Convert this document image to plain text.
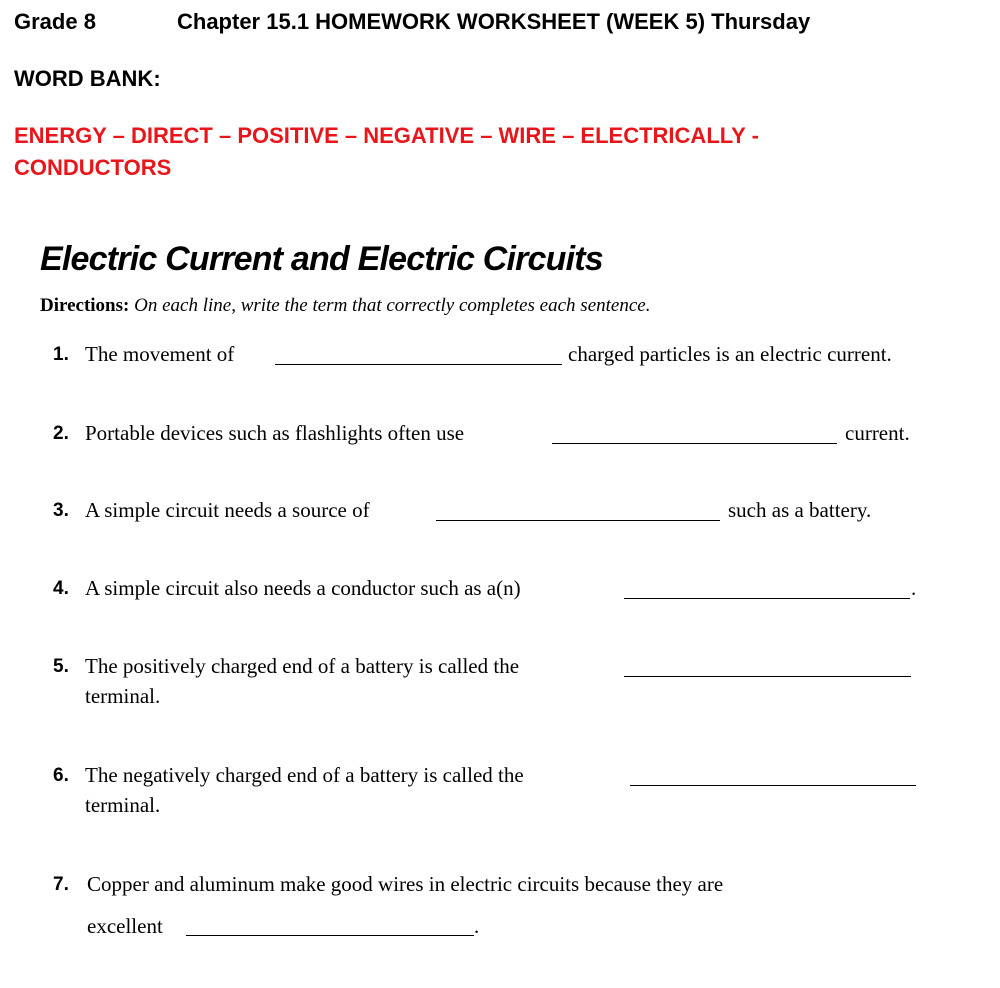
Grade 8	Chapter 15.1 HOMEWORK WORKSHEET (WEEK 5) Thursday
WORD BANK:
ENERGY – DIRECT – POSITIVE – NEGATIVE – WIRE – ELECTRICALLY -
CONDUCTORS
Electric Current and Electric Circuits
Directions: On each line, write the term that correctly completes each sentence.
1. The movement of	charged particles is an electric current.
2. Portable devices such as flashlights often use	current.
3. A simple circuit needs a source of	such as a battery.
4. A simple circuit also needs a conductor such as a(n)	.
5. The positively charged end of a battery is called the
terminal.
6. The negatively charged end of a battery is called the
terminal.
7. Copper and aluminum make good wires in electric circuits because they are
excellent	.
